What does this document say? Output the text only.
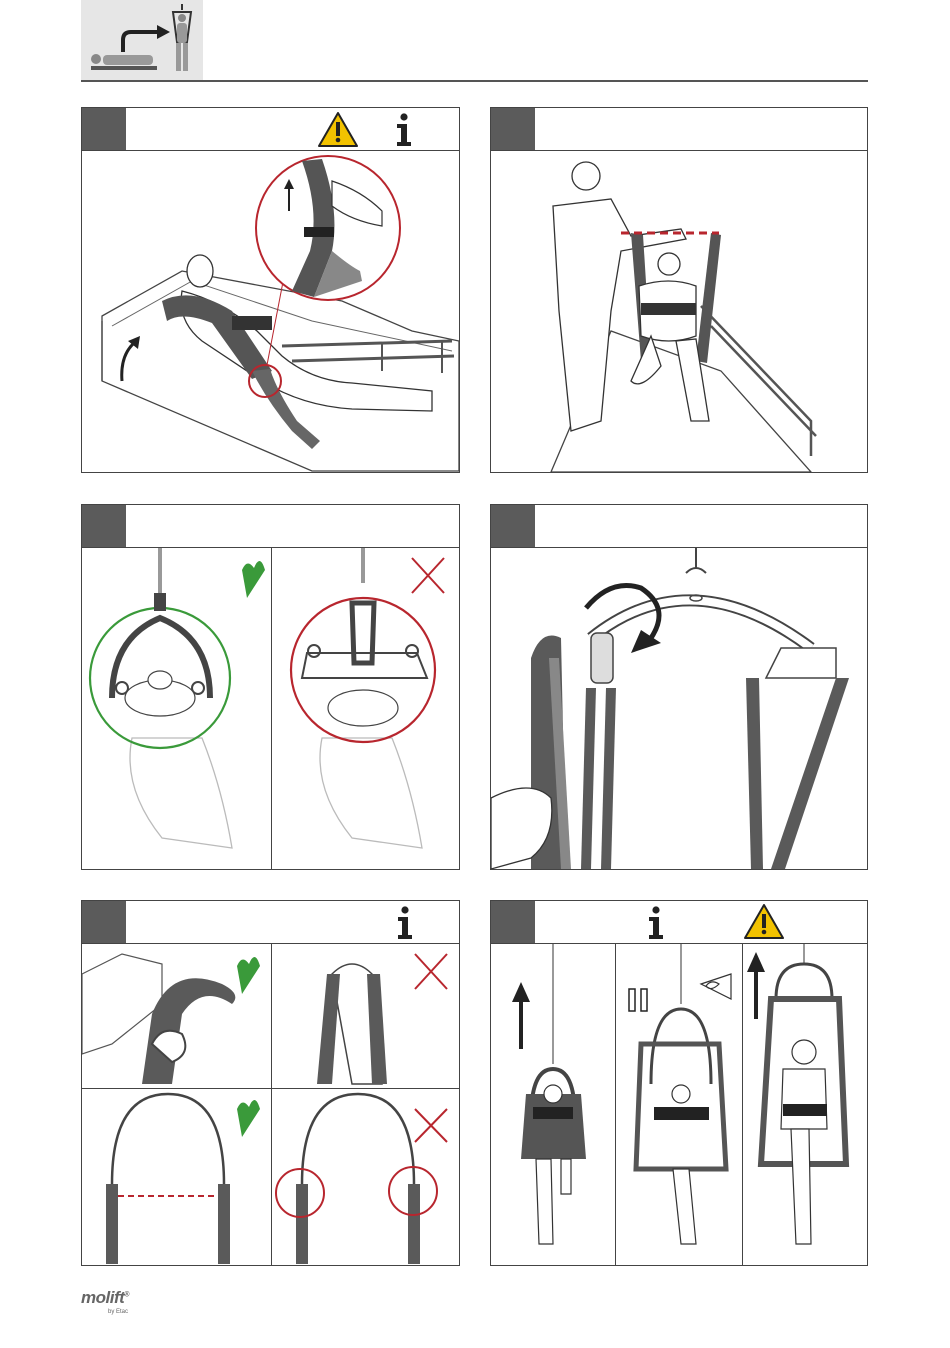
molift®
by Etac
